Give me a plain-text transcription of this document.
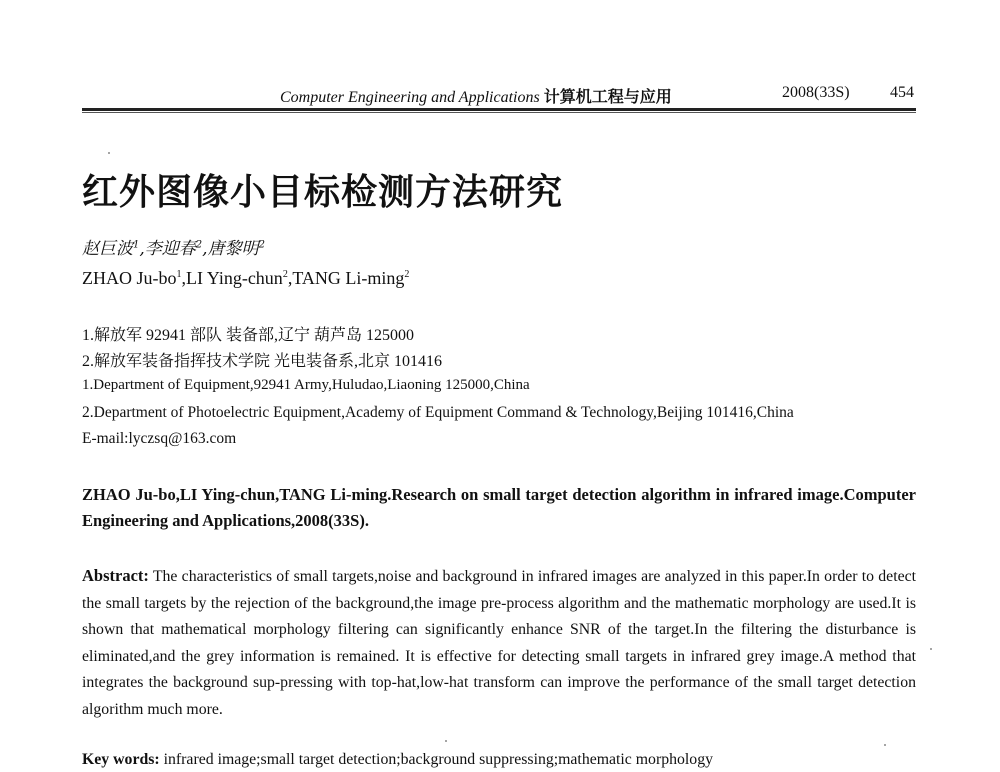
Computer Engineering and Applications 计算机工程与应用	2008(33S)	454
红外图像小目标检测方法研究
赵巨波$^1$,李迎春$^2$,唐黎明$^2$
ZHAO $Ju-bo^1,LI$ Ying-chun$^2$,TANG Li-ming$^2$
1.解放军 92941 部队 装备部,辽宁 葫芦岛 125000
2.解放军装备指挥技术学院 光电装备系,北京 101416
1.Department of Equipment,92941 Army,Huludao,Liaoning 125000,China
2.Department of Photoelectric Equipment,Academy of Equipment Command & Technology,Beijing 101416,China
E-mail:lyczsq@163.com
ZHAO Ju-bo,LI Ying-chun,TANG Li-ming.Research on small target detection algorithm in infrared image.Computer Engineering and Applications,2008(33S).
Abstract: The characteristics of small targets,noise and background in infrared images are analyzed in this paper.In order to detect the small targets by the rejection of the background,the image pre-process algorithm and the mathematic morphology are used.It is shown that mathematical morphology filtering can significantly enhance SNR of the target.In the filtering the disturbance is eliminated,and the grey information is remained. It is effective for detecting small targets in infrared grey image.A method that integrates the background sup-pressing with top-hat,low-hat transform can improve the performance of the small target detection algorithm much more.
Key words: infrared image;small target detection;background suppressing;mathematic morphology
